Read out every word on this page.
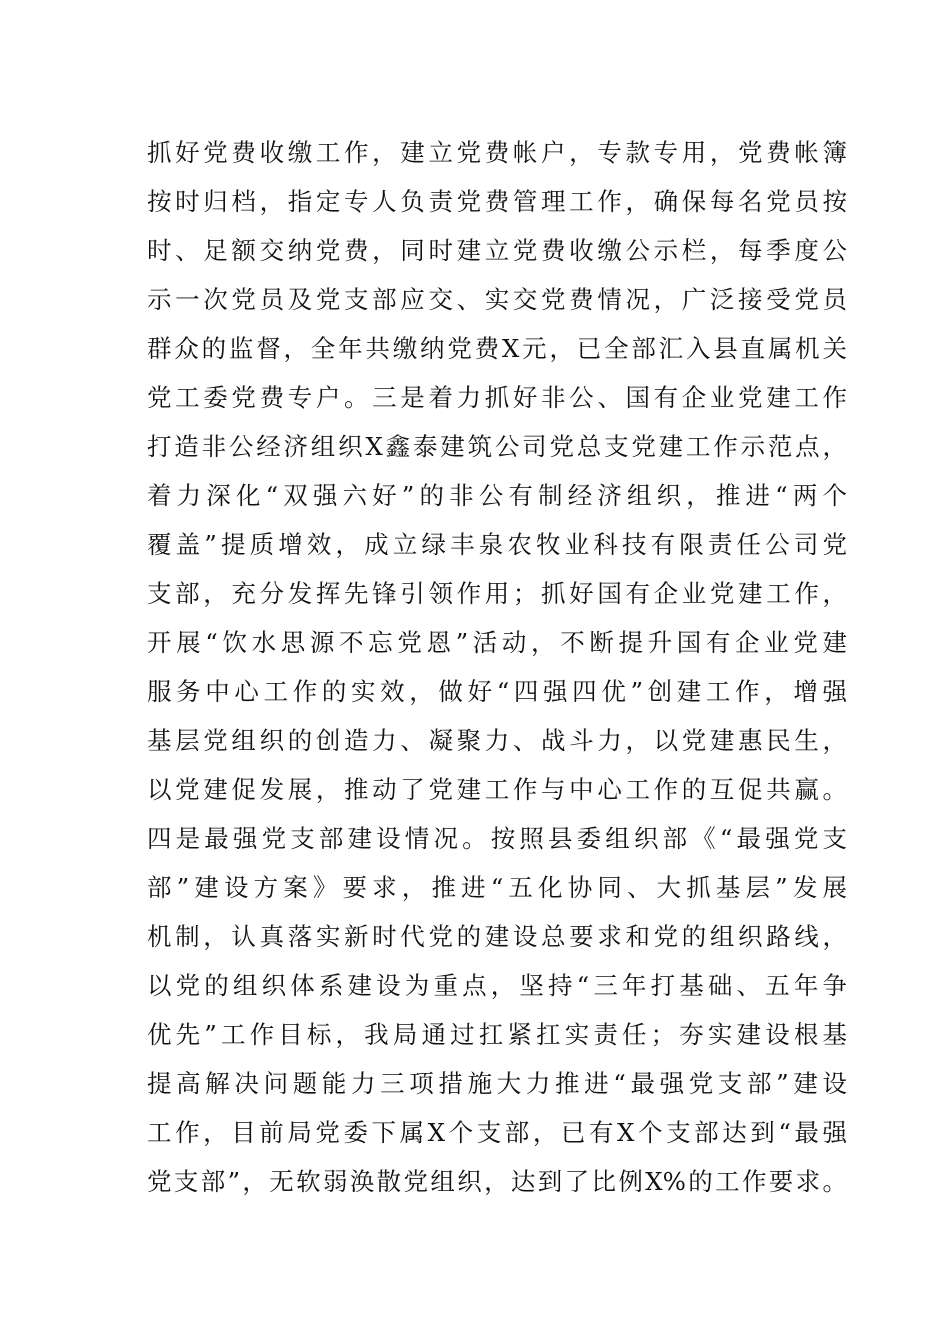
抓好党费收缴工作，建立党费帐户，专款专用，党费帐簿
按时归档，指定专人负责党费管理工作，确保每名党员按
时、足额交纳党费，同时建立党费收缴公示栏，每季度公
示一次党员及党支部应交、实交党费情况，广泛接受党员
群众的监督，全年共缴纳党费X元，已全部汇入县直属机关
党工委党费专户。三是着力抓好非公、国有企业党建工作
打造非公经济组织X鑫泰建筑公司党总支党建工作示范点，
着力深化“双强六好”的非公有制经济组织，推进“两个
覆盖”提质增效，成立绿丰泉农牧业科技有限责任公司党
支部，充分发挥先锋引领作用；抓好国有企业党建工作，
开展“饮水思源不忘党恩”活动，不断提升国有企业党建
服务中心工作的实效，做好“四强四优”创建工作，增强
基层党组织的创造力、凝聚力、战斗力，以党建惠民生，
以党建促发展，推动了党建工作与中心工作的互促共赢。
四是最强党支部建设情况。按照县委组织部《“最强党支
部”建设方案》要求，推进“五化协同、大抓基层”发展
机制，认真落实新时代党的建设总要求和党的组织路线，
以党的组织体系建设为重点，坚持“三年打基础、五年争
优先”工作目标，我局通过扛紧扛实责任；夯实建设根基
提高解决问题能力三项措施大力推进“最强党支部”建设
工作，目前局党委下属X个支部，已有X个支部达到“最强
党支部”，无软弱涣散党组织，达到了比例X%的工作要求。
